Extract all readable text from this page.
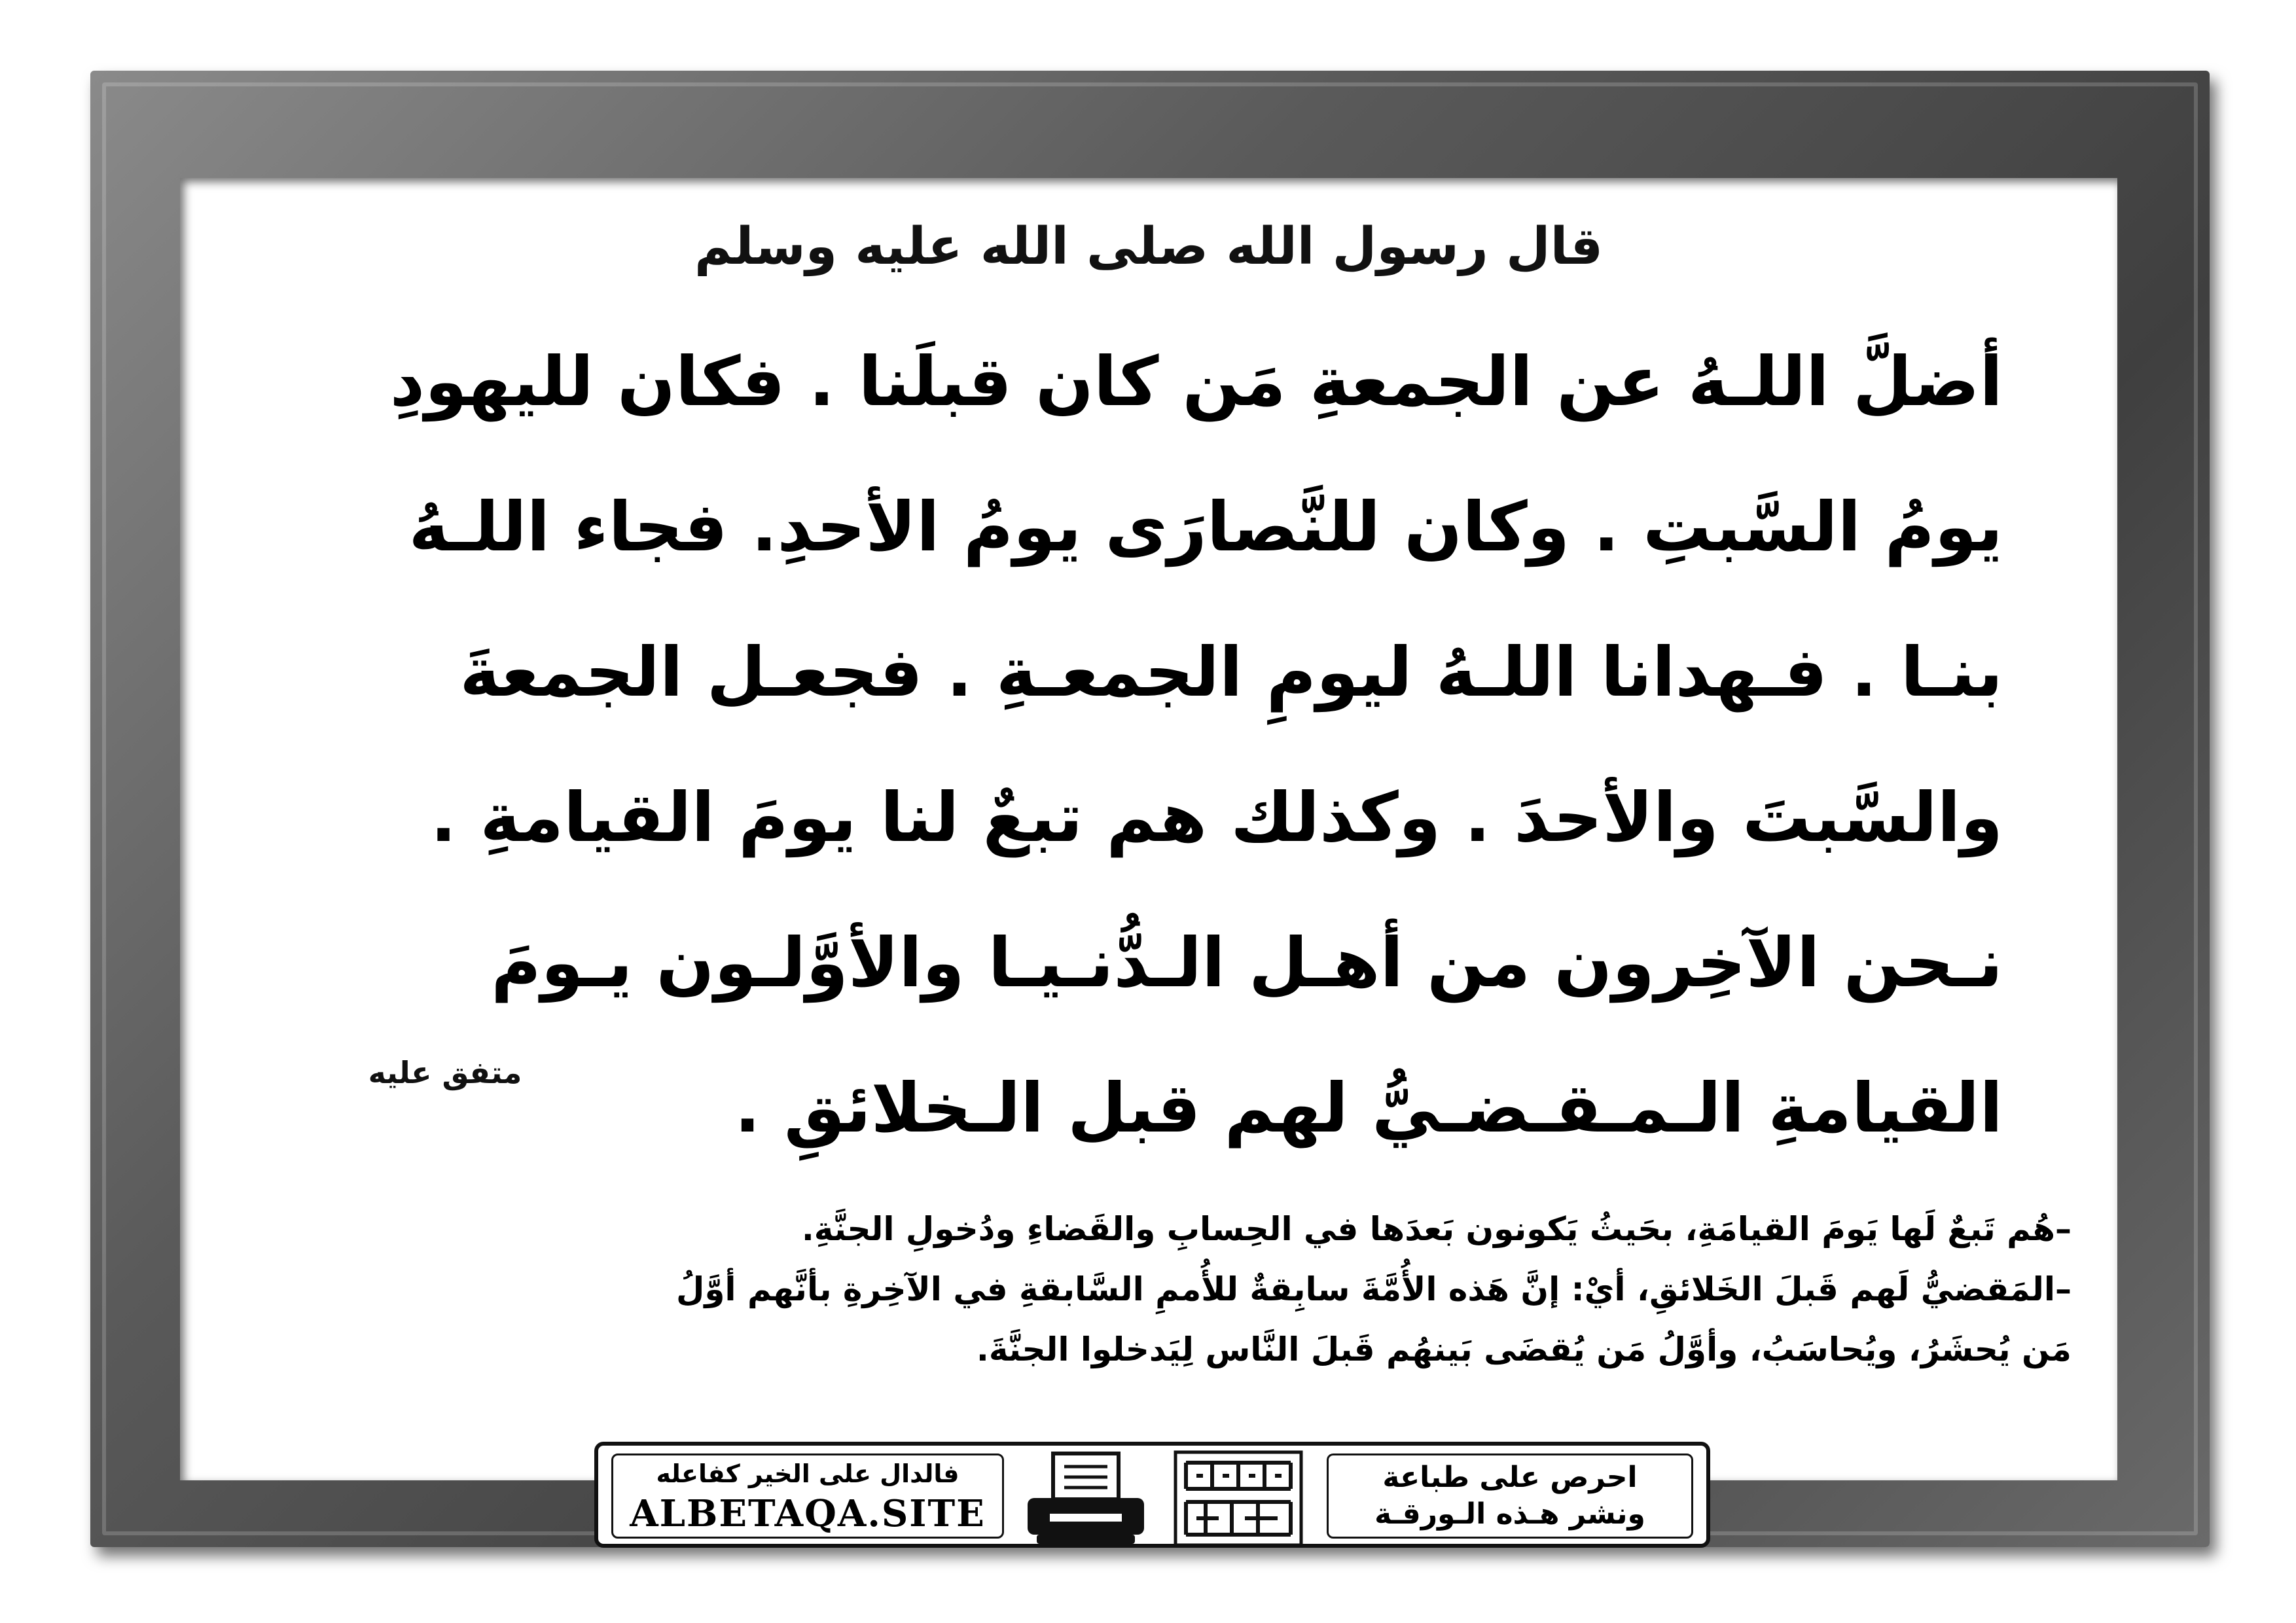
قال رسول الله صلى الله عليه وسلم
أضلَّ اللـهُ عن الجمعةِ مَن كان قبلَنا . فكان لليهودِ
يومُ السَّبتِ . وكان للنَّصارَى يومُ الأحدِ. فجاء اللـهُ
بنـا . فـهدانا اللـهُ ليومِ الجمعـةِ . فجعـل الجمعةَ
والسَّبتَ والأحدَ . وكذلك هم تبعٌ لنا يومَ القيامةِ .
نـحن الآخِرون من أهـل الـدُّنـيـا والأوَّلـون يـومَ
القيامةِ الـمـقـضـيُّ لهم قبل الـخلائقِ .
متفق عليه
–هُم تَبعٌ لَها يَومَ القيامَةِ، بحَيثُ يَكونون بَعدَها في الحِسابِ والقَضاءِ ودُخولِ الجنَّةِ.
–المَقضيُّ لَهم قَبلَ الخَلائقِ، أيْ: إنَّ هَذه الأُمَّةَ سابِقةٌ للأُممِ السَّابقةِ في الآخِرةِ بأنَّهم أوَّلُ
مَن يُحشَرُ، ويُحاسَبُ، وأوَّلُ مَن يُقضَى بَينهُم قَبلَ النَّاس لِيَدخلوا الجنَّةَ.
احرص على طباعة
ونشر هـذه الـورقـة
فالدال على الخير كفاعله
ALBETAQA.SITE
